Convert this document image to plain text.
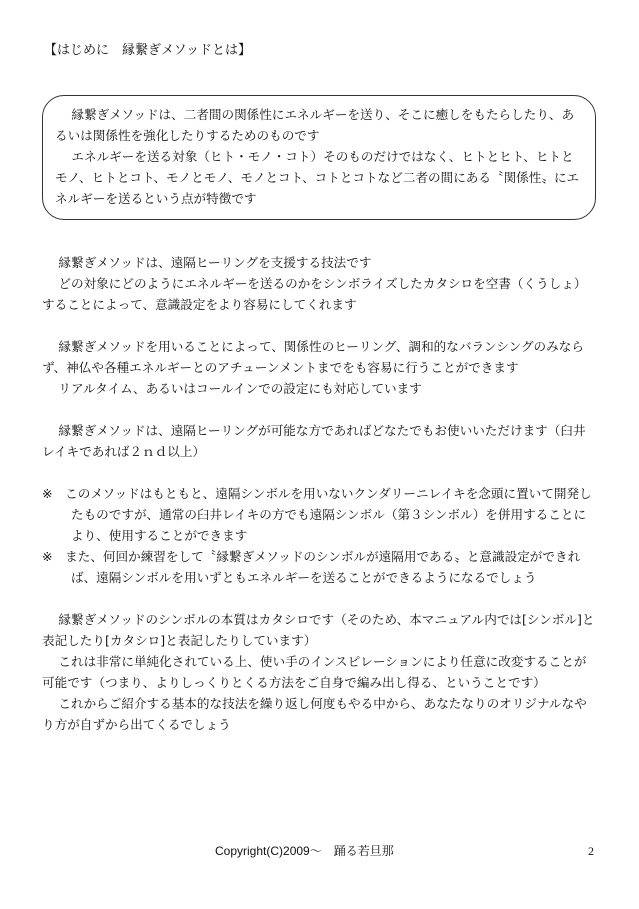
【はじめに　縁繋ぎメソッドとは】

縁繋ぎメソッドは、二者間の関係性にエネルギーを送り、そこに癒しをもたらしたり、あるいは関係性を強化したりするためのものです

エネルギーを送る対象（ヒト・モノ・コト）そのものだけではなく、ヒトとヒト、ヒトとモノ、ヒトとコト、モノとモノ、モノとコト、コトとコトなど二者の間にある〝関係性〟にエネルギーを送るという点が特徴です

縁繋ぎメソッドは、遠隔ヒーリングを支援する技法です

どの対象にどのようにエネルギーを送るのかをシンボライズしたカタシロを空書（くうしょ）することによって、意識設定をより容易にしてくれます

縁繋ぎメソッドを用いることによって、関係性のヒーリング、調和的なバランシングのみならず、神仏や各種エネルギーとのアチューンメントまでをも容易に行うことができます

リアルタイム、あるいはコールインでの設定にも対応しています

縁繋ぎメソッドは、遠隔ヒーリングが可能な方であればどなたでもお使いいただけます（臼井レイキであれば２ｎｄ以上）

※　このメソッドはもともと、遠隔シンボルを用いないクンダリーニレイキを念頭に置いて開発したものですが、通常の臼井レイキの方でも遠隔シンボル（第３シンボル）を併用することにより、使用することができます

※　また、何回か練習をして〝縁繋ぎメソッドのシンボルが遠隔用である〟と意識設定ができれば、遠隔シンボルを用いずともエネルギーを送ることができるようになるでしょう

縁繋ぎメソッドのシンボルの本質はカタシロです（そのため、本マニュアル内では[シンボル]と表記したり[カタシロ]と表記したりしています）

これは非常に単純化されている上、使い手のインスピレーションにより任意に改変することが可能です（つまり、よりしっくりとくる方法をご自身で編み出し得る、ということです）

これからご紹介する基本的な技法を繰り返し何度もやる中から、あなたなりのオリジナルなやり方が自ずから出てくるでしょう

Copyright(C)2009～　踊る若旦那	2
